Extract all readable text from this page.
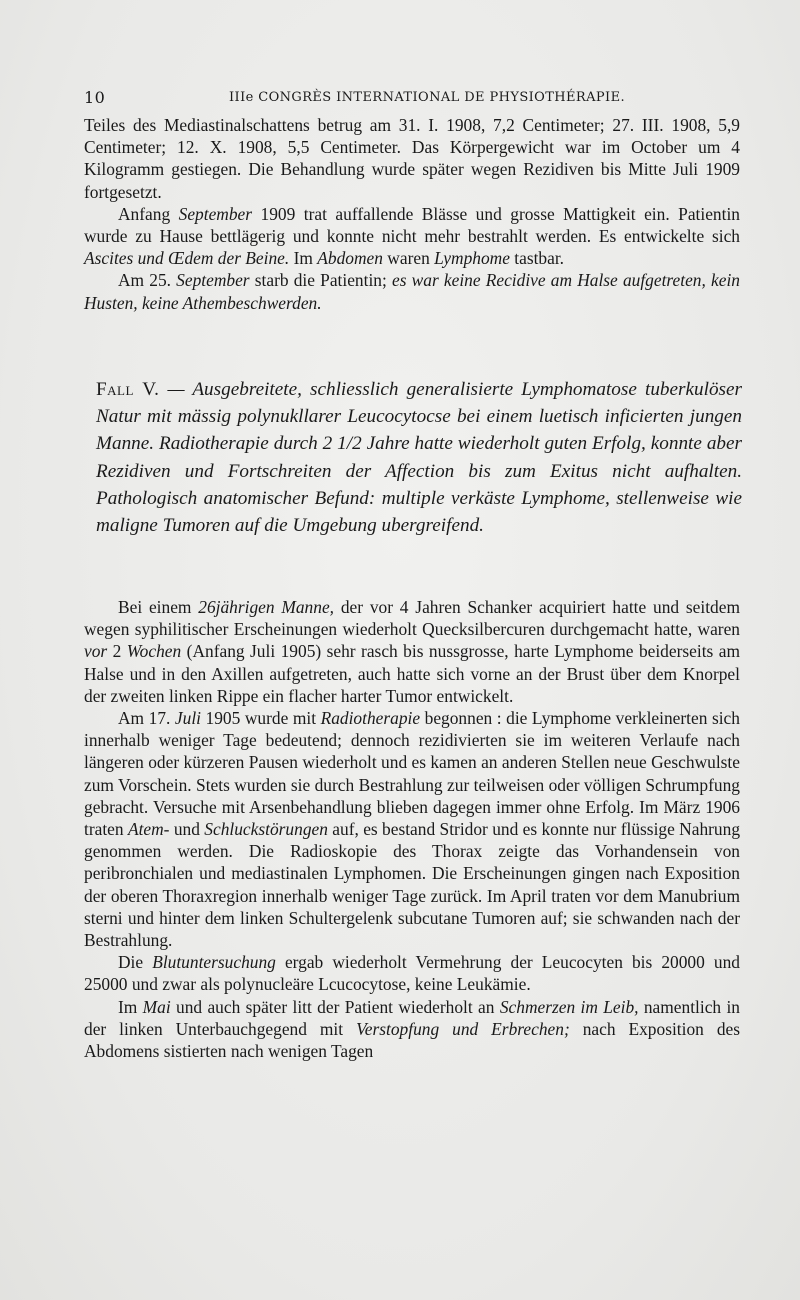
10	IIIe CONGRÈS INTERNATIONAL DE PHYSIOTHÉRAPIE.

Teiles des Mediastinalschattens betrug am 31. I. 1908, 7,2 Centimeter; 27. III. 1908, 5,9 Centimeter; 12. X. 1908, 5,5 Centimeter. Das Körpergewicht war im October um 4 Kilogramm gestiegen. Die Behandlung wurde später wegen Rezidiven bis Mitte Juli 1909 fortgesetzt.

Anfang September 1909 trat auffallende Blässe und grosse Mattigkeit ein. Patientin wurde zu Hause bettlägerig und konnte nicht mehr bestrahlt werden. Es entwickelte sich Ascites und Œdem der Beine. Im Abdomen waren Lymphome tastbar.

Am 25. September starb die Patientin; es war keine Recidive am Halse aufgetreten, kein Husten, keine Athembeschwerden.

Fall V. — Ausgebreitete, schliesslich generalisierte Lymphomatose tuberkulöser Natur mit mässig polynukllarer Leucocytocse bei einem luetisch inficierten jungen Manne. Radiotherapie durch 2 1/2 Jahre hatte wiederholt guten Erfolg, konnte aber Rezidiven und Fortschreiten der Affection bis zum Exitus nicht aufhalten. Pathologisch anatomischer Befund: multiple verkäste Lymphome, stellenweise wie maligne Tumoren auf die Umgebung ubergreifend.

Bei einem 26jährigen Manne, der vor 4 Jahren Schanker acquiriert hatte und seitdem wegen syphilitischer Erscheinungen wiederholt Quecksilbercuren durchgemacht hatte, waren vor 2 Wochen (Anfang Juli 1905) sehr rasch bis nussgrosse, harte Lymphome beiderseits am Halse und in den Axillen aufgetreten, auch hatte sich vorne an der Brust über dem Knorpel der zweiten linken Rippe ein flacher harter Tumor entwickelt.

Am 17. Juli 1905 wurde mit Radiotherapie begonnen : die Lymphome verkleinerten sich innerhalb weniger Tage bedeutend; dennoch rezidivierten sie im weiteren Verlaufe nach längeren oder kürzeren Pausen wiederholt und es kamen an anderen Stellen neue Geschwulste zum Vorschein. Stets wurden sie durch Bestrahlung zur teilweisen oder völligen Schrumpfung gebracht. Versuche mit Arsenbehandlung blieben dagegen immer ohne Erfolg. Im März 1906 traten Atem- und Schluckstörungen auf, es bestand Stridor und es konnte nur flüssige Nahrung genommen werden. Die Radioskopie des Thorax zeigte das Vorhandensein von peribronchialen und mediastinalen Lymphomen. Die Erscheinungen gingen nach Exposition der oberen Thoraxregion innerhalb weniger Tage zurück. Im April traten vor dem Manubrium sterni und hinter dem linken Schultergelenk subcutane Tumoren auf; sie schwanden nach der Bestrahlung.

Die Blutuntersuchung ergab wiederholt Vermehrung der Leucocyten bis 20000 und 25000 und zwar als polynucleäre Lcucocytose, keine Leukämie.

Im Mai und auch später litt der Patient wiederholt an Schmerzen im Leib, namentlich in der linken Unterbauchgegend mit Verstopfung und Erbrechen; nach Exposition des Abdomens sistierten nach wenigen Tagen
